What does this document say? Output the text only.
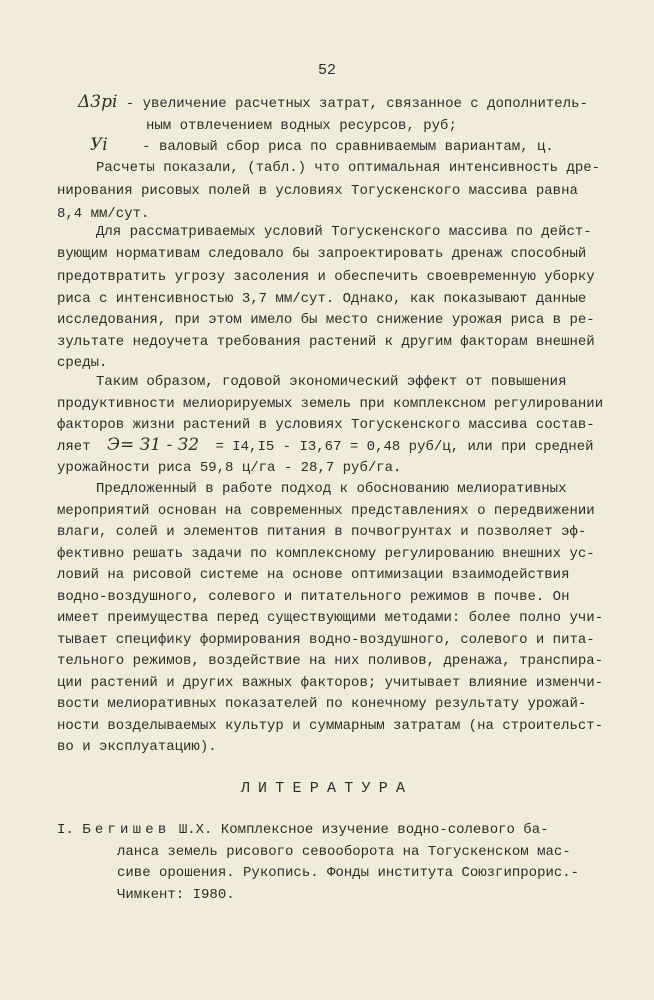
52
Δ3pi - увеличение расчетных затрат, связанное с дополнитель-
ным отвлечением водных ресурсов, руб;
Уi - валовый сбор риса по сравниваемым вариантам, ц.
Расчеты показали, (табл.) что оптимальная интенсивность дре-
нирования рисовых полей в условиях Тогускенского массива равна
8,4 мм/сут.
Для рассматриваемых условий Тогускенского массива по дейст-
вующим нормативам следовало бы запроектировать дренаж способный
предотвратить угрозу засоления и обеспечить своевременную уборку
риса с интенсивностью 3,7 мм/сут. Однако, как показывают данные
исследования, при этом имело бы место снижение урожая риса в ре-
зультате недоучета требования растений к другим факторам внешней
среды.
Таким образом, годовой экономический эффект от повышения
продуктивности мелиорируемых земель при комплексном регулировании
факторов жизни растений в условиях Тогускенского массива состав-
ляет Э= З1 - З2 = I4,I5 - I3,67 = 0,48 руб/ц, или при средней
урожайности риса 59,8 ц/га - 28,7 руб/га.
Предложенный в работе подход к обоснованию мелиоративных
мероприятий основан на современных представлениях о передвижении
влаги, солей и элементов питания в почвогрунтах и позволяет эф-
фективно решать задачи по комплексному регулированию внешних ус-
ловий на рисовой системе на основе оптимизации взаимодействия
водно-воздушного, солевого и питательного режимов в почве. Он
имеет преимущества перед существующими методами: более полно учи-
тывает специфику формирования водно-воздушного, солевого и пита-
тельного режимов, воздействие на них поливов, дренажа, транспира-
ции растений и других важных факторов; учитывает влияние изменчи-
вости мелиоративных показателей по конечному результату урожай-
ности возделываемых культур и суммарным затратам (на строительст-
во и эксплуатацию).
ЛИТЕРАТУРА
I. Бегишев Ш.Х. Комплексное изучение водно-солевого ба-
ланса земель рисового севооборота на Тогускенском мас-
сиве орошения. Рукопись. Фонды института Союзгипрорис.-
Чимкент: I980.
